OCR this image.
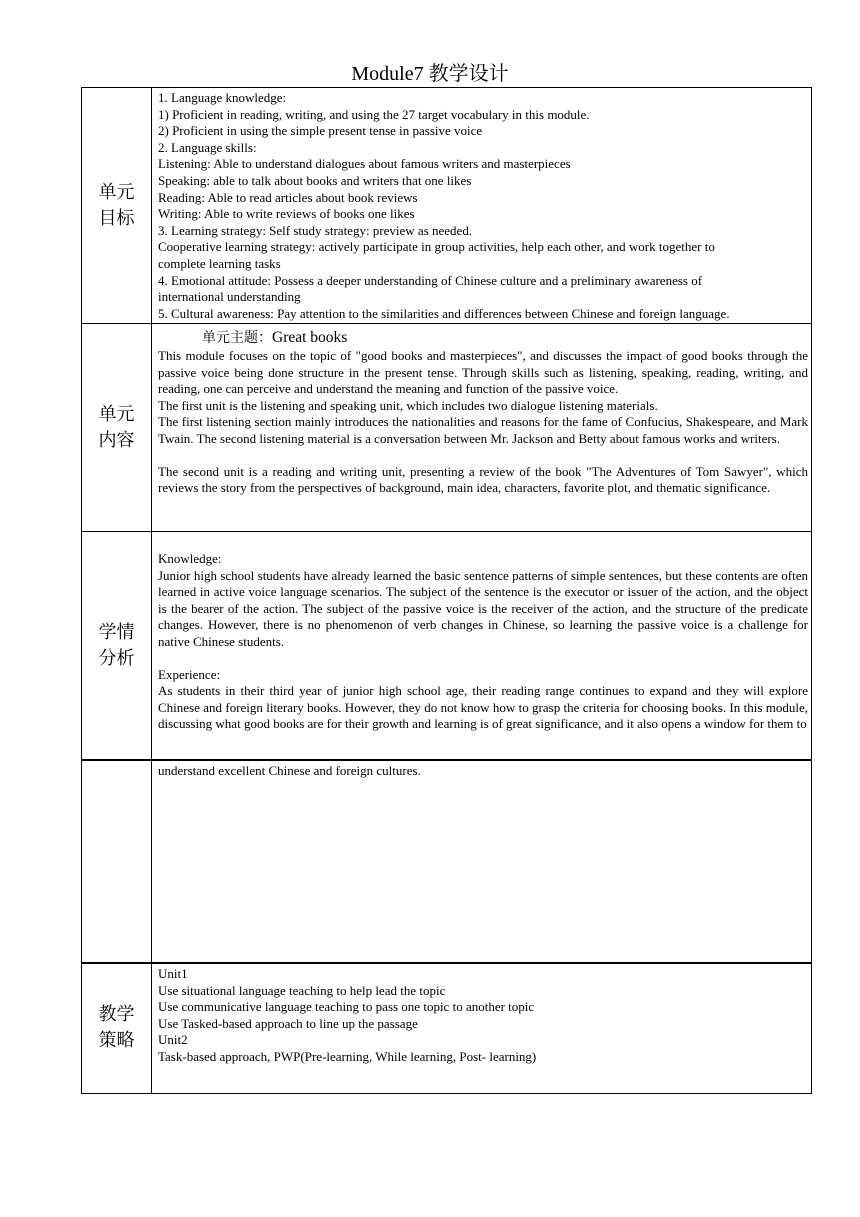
Module7 教学设计
单元目标
1. Language knowledge:
1) Proficient in reading, writing, and using the 27 target vocabulary in this module.
2) Proficient in using the simple present tense in passive voice
2. Language skills:
Listening: Able to understand dialogues about famous writers and masterpieces
Speaking: able to talk about books and writers that one likes
Reading: Able to read articles about book reviews
Writing: Able to write reviews of books one likes
3. Learning strategy: Self study strategy: preview as needed.
Cooperative learning strategy: actively participate in group activities, help each other, and work together to
complete learning tasks
4. Emotional attitude: Possess a deeper understanding of Chinese culture and a preliminary awareness of
international understanding
5. Cultural awareness: Pay attention to the similarities and differences between Chinese and foreign language.
单元内容
单元主题：Great books
This module focuses on the topic of "good books and masterpieces", and discusses the impact of good books through the passive voice being done structure in the present tense. Through skills such as listening, speaking, reading, writing, and reading, one can perceive and understand the meaning and function of the passive voice.
The first unit is the listening and speaking unit, which includes two dialogue listening materials.
The first listening section mainly introduces the nationalities and reasons for the fame of Confucius, Shakespeare, and Mark Twain. The second listening material is a conversation between Mr. Jackson and Betty about famous works and writers.
The second unit is a reading and writing unit, presenting a review of the book "The Adventures of Tom Sawyer", which reviews the story from the perspectives of background, main idea, characters, favorite plot, and thematic significance.
学情分析
Knowledge:
Junior high school students have already learned the basic sentence patterns of simple sentences, but these contents are often learned in active voice language scenarios. The subject of the sentence is the executor or issuer of the action, and the object is the bearer of the action. The subject of the passive voice is the receiver of the action, and the structure of the predicate changes. However, there is no phenomenon of verb changes in Chinese, so learning the passive voice is a challenge for native Chinese students.
Experience:
As students in their third year of junior high school age, their reading range continues to expand and they will explore Chinese and foreign literary books. However, they do not know how to grasp the criteria for choosing books. In this module, discussing what good books are for their growth and learning is of great significance, and it also opens a window for them to
understand excellent Chinese and foreign cultures.
教学策略
Unit1
Use situational language teaching to help lead the topic
Use communicative language teaching to pass one topic to another topic
Use Tasked-based approach to line up the passage
Unit2
Task-based approach, PWP(Pre-learning, While learning, Post- learning)
